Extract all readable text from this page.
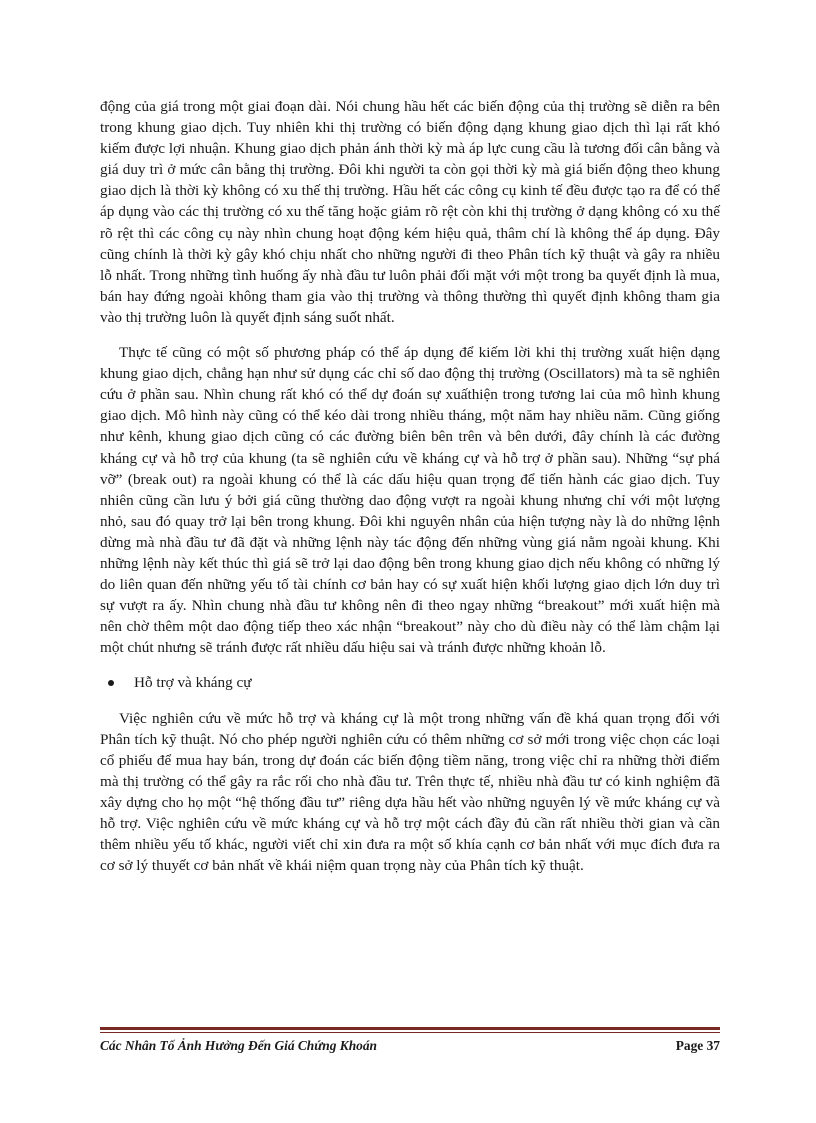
động của giá trong một giai đoạn dài. Nói chung hầu hết các biến động của thị trường sẽ diễn ra bên trong khung giao dịch. Tuy nhiên khi thị trường có biến động dạng khung giao dịch thì lại rất khó kiếm được lợi nhuận. Khung giao dịch phản ánh thời kỳ mà áp lực cung cầu là tương đối cân bằng và giá duy trì ở mức cân bằng thị trường. Đôi khi người ta còn gọi thời kỳ mà giá biến động theo khung giao dịch là thời kỳ không có xu thế thị trường. Hầu hết các công cụ kinh tế đều được tạo ra để có thể áp dụng vào các thị trường có xu thế tăng hoặc giảm rõ rệt còn khi thị trường ở dạng không có xu thế rõ rệt thì các công cụ này nhìn chung hoạt động kém hiệu quả, thâm chí là không thể áp dụng. Đây cũng chính là thời kỳ gây khó chịu nhất cho những người đi theo Phân tích kỹ thuật và gây ra nhiều lỗ nhất. Trong những tình huống ấy nhà đầu tư luôn phải đối mặt với một trong ba quyết định là mua, bán hay đứng ngoài không tham gia vào thị trường và thông thường thì quyết định không tham gia vào thị trường luôn là quyết định sáng suốt nhất.

Thực tế cũng có một số phương pháp có thể áp dụng để kiếm lời khi thị trường xuất hiện dạng khung giao dịch, chẳng hạn như sử dụng các chỉ số dao động thị trường (Oscillators) mà ta sẽ nghiên cứu ở phần sau. Nhìn chung rất khó có thể dự đoán sự xuấthiện trong tương lai của mô hình khung giao dịch. Mô hình này cũng có thể kéo dài trong nhiều tháng, một năm hay nhiều năm. Cũng giống như kênh, khung giao dịch cũng có các đường biên bên trên và bên dưới, đây chính là các đường kháng cự và hỗ trợ của khung (ta sẽ nghiên cứu về kháng cự và hỗ trợ ở phần sau). Những “sự phá vỡ” (break out) ra ngoài khung có thể là các dấu hiệu quan trọng để tiến hành các giao dịch. Tuy nhiên cũng cần lưu ý bởi giá cũng thường dao động vượt ra ngoài khung nhưng chỉ với một lượng nhỏ, sau đó quay trở lại bên trong khung. Đôi khi nguyên nhân của hiện tượng này là do những lệnh dừng mà nhà đầu tư đã đặt và những lệnh này tác động đến những vùng giá nằm ngoài khung. Khi những lệnh này kết thúc thì giá sẽ trở lại dao động bên trong khung giao dịch nếu không có những lý do liên quan đến những yếu tố tài chính cơ bản hay có sự xuất hiện khối lượng giao dịch lớn duy trì sự vượt ra ấy. Nhìn chung nhà đầu tư không nên đi theo ngay những “breakout” mới xuất hiện mà nên chờ thêm một dao động tiếp theo xác nhận “breakout” này cho dù điều này có thể làm chậm lại một chút nhưng sẽ tránh được rất nhiều dấu hiệu sai và tránh được những khoản lỗ.

Hỗ trợ và kháng cự

Việc nghiên cứu về mức hỗ trợ và kháng cự là một trong những vấn đề khá quan trọng đối với Phân tích kỹ thuật. Nó cho phép người nghiên cứu có thêm những cơ sở mới trong việc chọn các loại cổ phiếu để mua hay bán, trong dự đoán các biến động tiềm năng, trong việc chỉ ra những thời điểm mà thị trường có thể gây ra rắc rối cho nhà đầu tư. Trên thực tế, nhiều nhà đầu tư có kinh nghiệm đã xây dựng cho họ một “hệ thống đầu tư” riêng dựa hầu hết vào những nguyên lý về mức kháng cự và hỗ trợ. Việc nghiên cứu về mức kháng cự và hỗ trợ một cách đầy đủ cần rất nhiều thời gian và cần thêm nhiều yếu tố khác, người viết chỉ xin đưa ra một số khía cạnh cơ bản nhất với mục đích đưa ra cơ sở lý thuyết cơ bản nhất về khái niệm quan trọng này của Phân tích kỹ thuật.

Các Nhân Tố Ảnh Hưởng Đến Giá Chứng Khoán	Page 37
